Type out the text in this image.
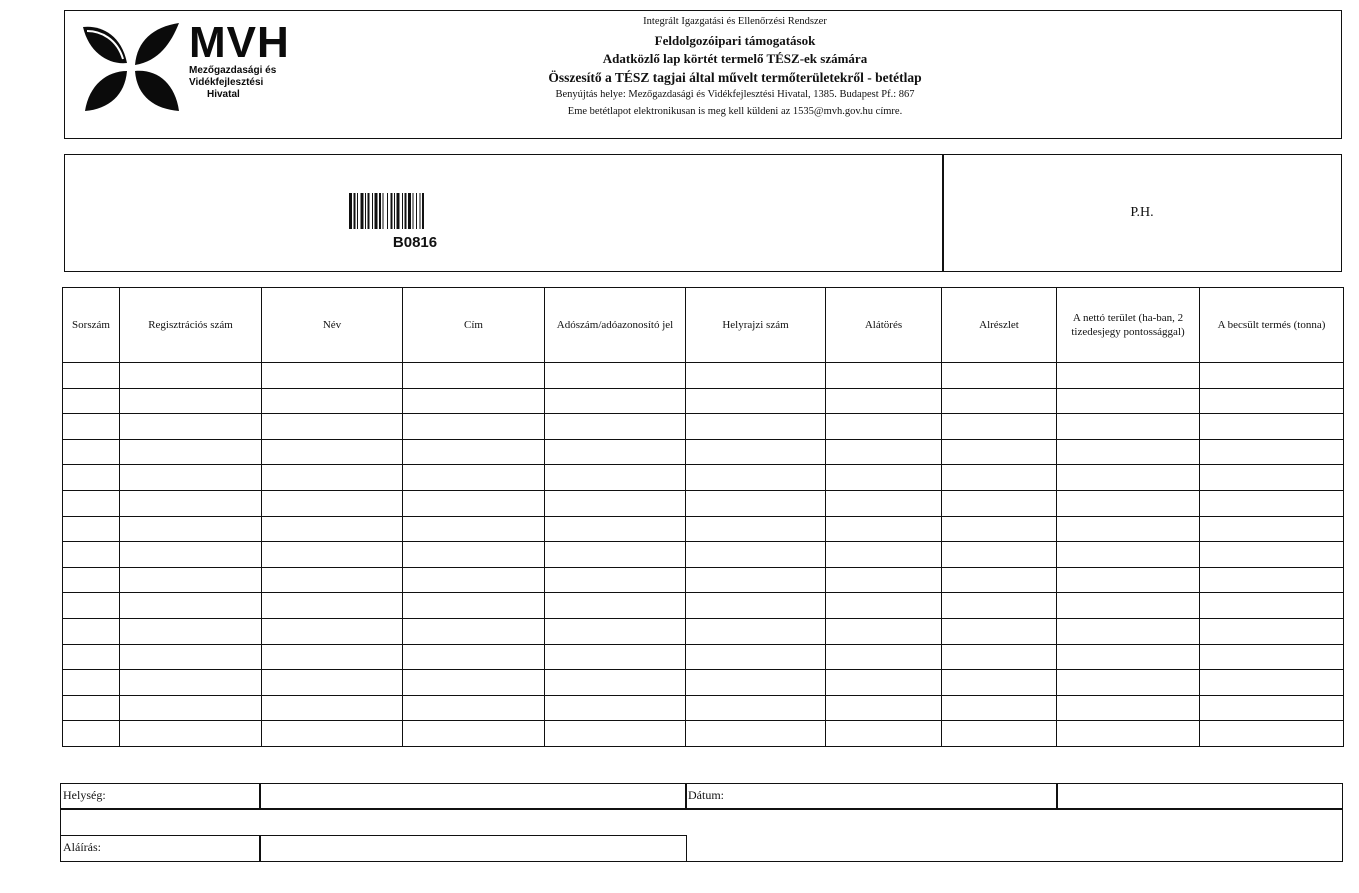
MVH
Mezőgazdasági és
Vidékfejlesztési
Hivatal
Integrált Igazgatási és Ellenőrzési Rendszer
Feldolgozóipari támogatások
Adatközlő lap körtét termelő TÉSZ-ek számára
Összesítő a TÉSZ tagjai által művelt termőterületekről - betétlap
Benyújtás helye: Mezőgazdasági és Vidékfejlesztési Hivatal, 1385. Budapest Pf.: 867
Eme betétlapot elektronikusan is meg kell küldeni az 1535@mvh.gov.hu címre.
B0816
P.H.
Sorszám	Regisztrációs szám	Név	Cím	Adószám/adóazonosító jel	Helyrajzi szám	Alátörés	Alrészlet	A nettó terület (ha-ban, 2 tizedesjegy pontossággal)	A becsült termés (tonna)

Helység:	Dátum:
Aláírás:
